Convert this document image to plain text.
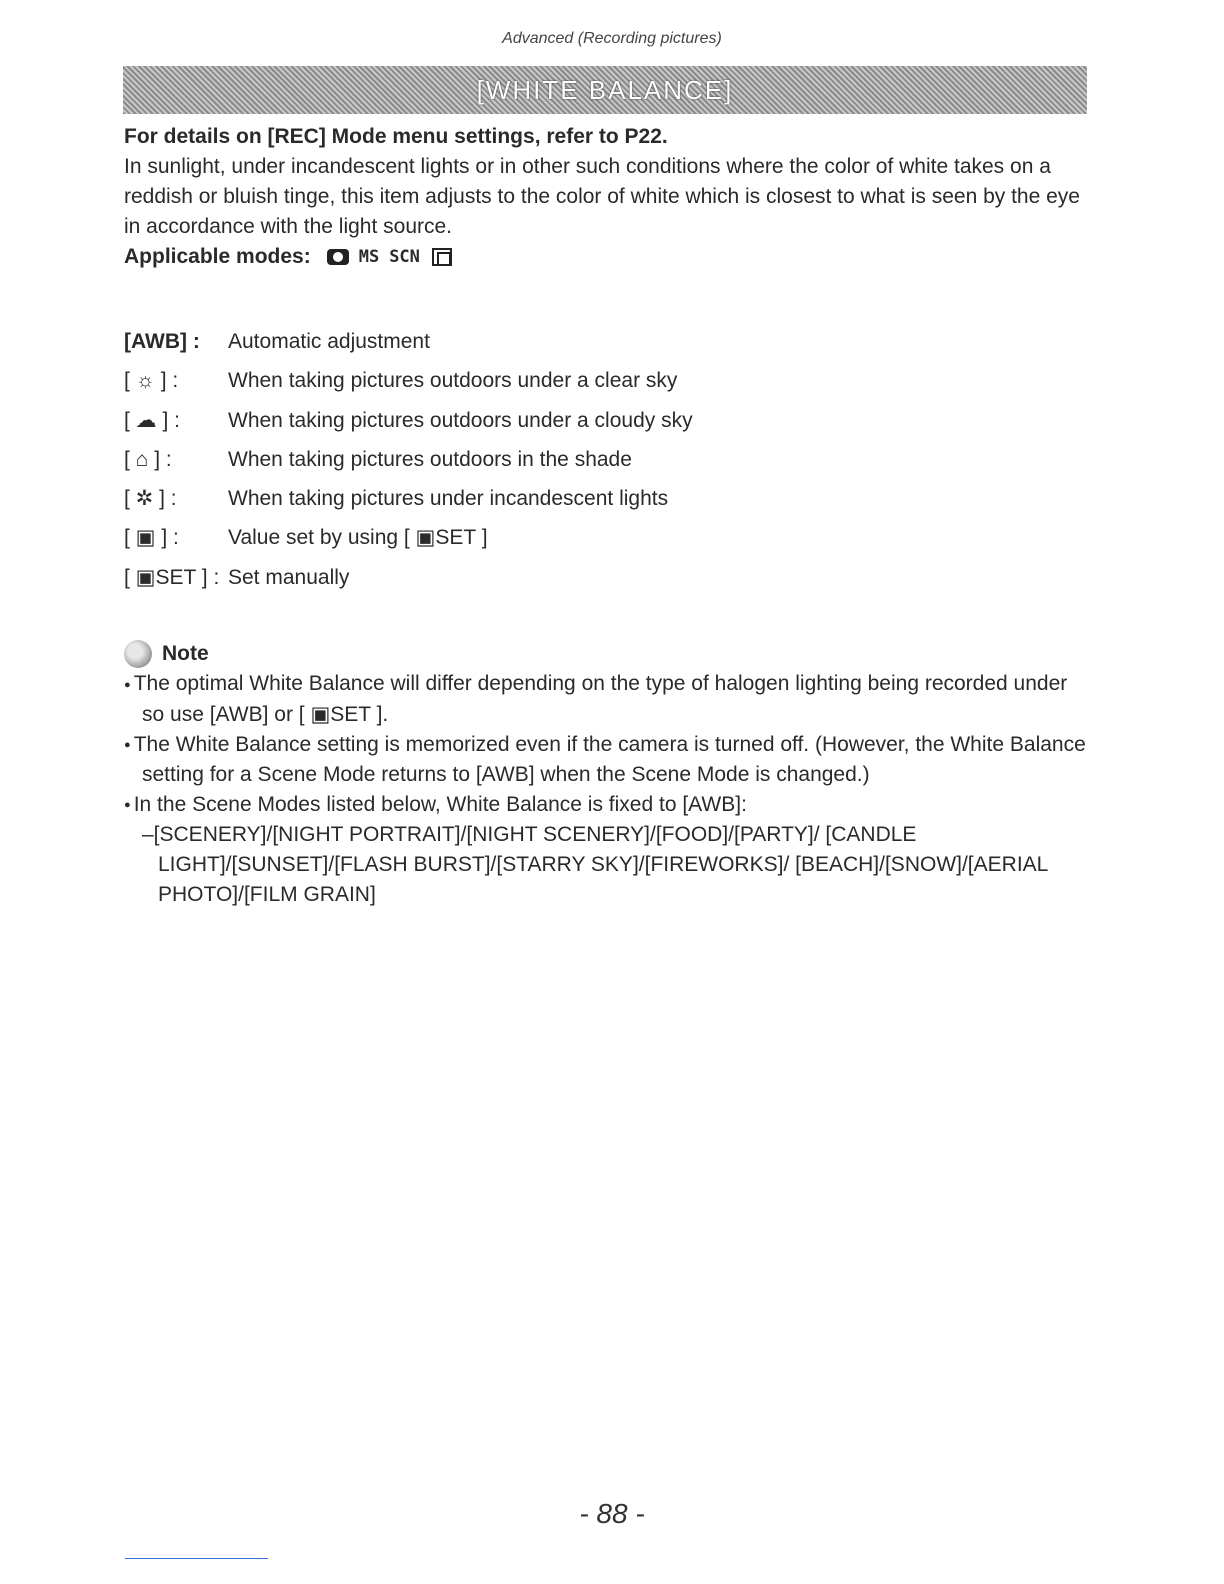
Advanced (Recording pictures)
[WHITE BALANCE]

For details on [REC] Mode menu settings, refer to P22.

In sunlight, under incandescent lights or in other such conditions where the color of white takes on a reddish or bluish tinge, this item adjusts to the color of white which is closest to what is seen by the eye in accordance with the light source.

Applicable modes:	MS SCN
[AWB] :	Automatic adjustment
[ ☼ ] :	When taking pictures outdoors under a clear sky
[ ☁ ] :	When taking pictures outdoors under a cloudy sky
[ ⌂ ] :	When taking pictures outdoors in the shade
[ ✲ ] :	When taking pictures under incandescent lights
[ ▣ ] :	Value set by using [ ▣SET ]
[ ▣SET ] : Set manually
Note

● The optimal White Balance will differ depending on the type of halogen lighting being recorded under so use [AWB] or [ ▣SET ].

● The White Balance setting is memorized even if the camera is turned off. (However, the White Balance setting for a Scene Mode returns to [AWB] when the Scene Mode is changed.)

● In the Scene Modes listed below, White Balance is fixed to [AWB]:

–[SCENERY]/[NIGHT PORTRAIT]/[NIGHT SCENERY]/[FOOD]/[PARTY]/ [CANDLE LIGHT]/[SUNSET]/[FLASH BURST]/[STARRY SKY]/[FIREWORKS]/ [BEACH]/[SNOW]/[AERIAL PHOTO]/[FILM GRAIN]

- 88 -
